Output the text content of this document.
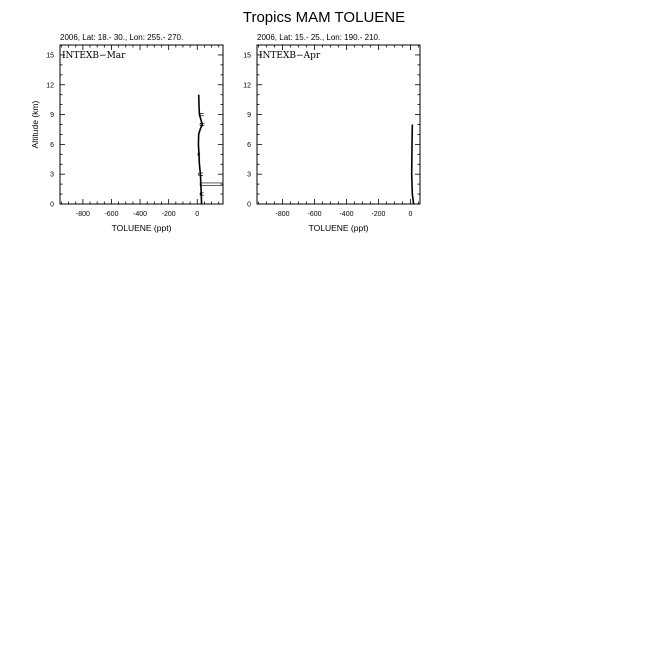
Tropics MAM TOLUENE
2006, Lat: 18.- 30., Lon: 255.- 270.
INTEXB−Mar
-800 -600 -400 -200	0
0
3
6
9
12
15
TOLUENE (ppt)
Altitude (km)
2006, Lat: 15.- 25., Lon: 190.- 210.
INTEXB−Apr
-800	-600	-400	-200	0
0
3
6
9
12
15
TOLUENE (ppt)
